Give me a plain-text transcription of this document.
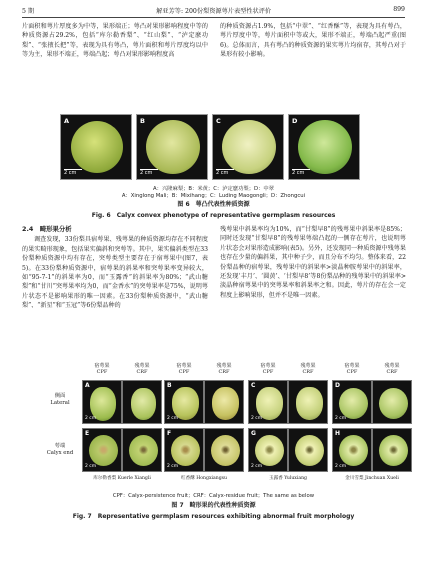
5 期	解亚芳等: 200份梨资源萼片表型性状评价	899

片面积和萼片厚度多为中等，果形端正；萼凸对果形影响程度中等的种质资源占29.2%，包括“库尔勒香梨”、“红山梨”、“泸定麽功梨”、“张掖长把”等，表现为具有萼凸，萼片面积和萼片厚度均以中等为主，果形不端正，萼端凸起；萼凸对果形影响程度高

的种质资源占1.9%，包括“中翠”、“红香酥”等，表现为具有萼凸，萼片厚度中等，萼片面积中等或大，果形不端正，萼端凸起严重(图6)。总体而言，具有萼凸的种质资源的果实萼片均宿存，其萼凸对于果形有较小影响。

A
2 cm
B
2 cm
C
2 cm
D
2 cm
A：兴隆麻梨；B：米黄；C：泸定麽功梨；D：中翠
A：Xinglong Mali；B：Mixihang；C：Luding Maogongli；D：Zhongcui
图 6　萼凸代表性种质资源
Fig. 6　Calyx convex phenotype of representative germplasm resources
2.4　畸形果分析

调查发现，33份梨具宿萼果、残萼果的种质资源均存在不同程度的果实畸形现象，包括果实偏斜和突萼等。其中，果实偏斜类型在33份梨种质资源中均有存在，突萼类型主要存在于宿萼果中(图7，表5)。在33份梨种质资源中，宿萼果的斜果率和突萼果率变异较大，如“95-7-1”的斜果率为0，而“玉露香”的斜果率为80%；“武山糖梨”和“甘川”突萼果率均为0，而“金香水”的突萼果率是75%，说明萼片状态不是影响果形的唯一因素。在33份梨种质资源中，“武山糖梨”、“新星”和“玉冠”等6份梨品种的

残萼果中斜果率均为10%，而“甘梨早8”的残萼果中斜果率是85%；同时还发现“甘梨早8”的残萼果萼端凸起的一侧存在萼片，也说明萼片状态会对果形造成影响(表5)。另外，还发现同一种质资源中残萼果也存在少量的偏斜果，其中种子少，而且分布不均匀。整体来看，22份梨品种的宿萼果，残萼果中的斜果率>淡晶种胺萼果中的斜果率，还发现‘丰月’、‘圆黄’、‘甘梨早8’等8份梨品种的残萼果中的斜果率>淡晶种宿萼果中的突萼果率和斜果率之和。因此，萼片的存在会一定程度上影响果形，但并不是唯一因素。

宿萼果
CPF
残萼果
CRF
宿萼果
CPF
残萼果
CRF
宿萼果
CPF
残萼果
CRF
宿萼果
CPF
残萼果
CRF
侧面
Lateral
萼端
Calyx end
A
2 cm
B
2 cm
C
2 cm
D
2 cm
E
2 cm
F
2 cm
G
2 cm
H
2 cm
库尔勒香梨 Kuerle Xiangli	红香酥 Hongxiangsu	玉露香 Yuluxiang	金川雪梨 Jinchuan Xueli
CPF：Calyx-persistence fruit；CRF：Calyx-residue fruit；The same as below
图 7　畸形果的代表性种质资源
Fig. 7　Representative germplasm resources exhibiting abnormal fruit morphology
